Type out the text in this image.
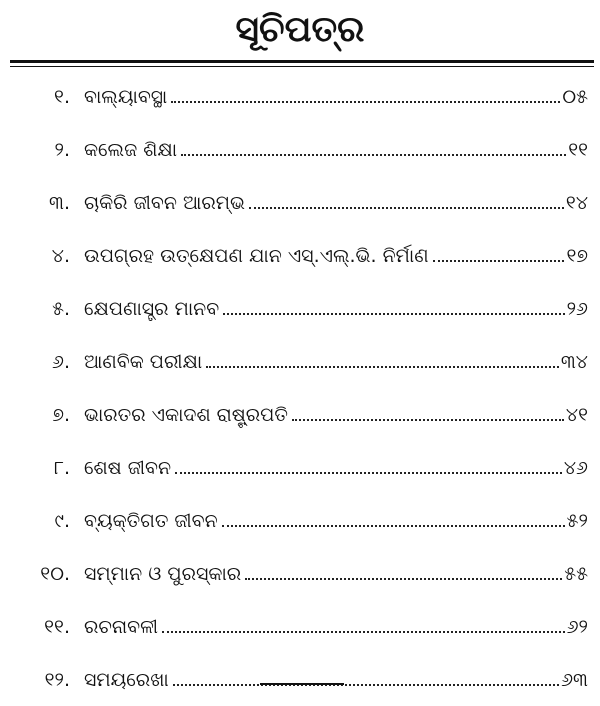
ସୂଚିପତ୍ର
୧. ବାଲ୍ୟାବସ୍ଥା	୦୫
୨. କଲେଜ ଶିକ୍ଷା	୧୧
୩. ଚାକିରି ଜୀବନ ଆରମ୍ଭ	୧୪
୪. ଉପଗ୍ରହ ଉତ୍କ୍ଷେପଣ ଯାନ ଏସ୍.ଏଲ୍.ଭି. ନିର୍ମାଣ	୧୭
୫. କ୍ଷେପଣାସ୍ତ୍ର ମାନବ	୨୬
୬. ଆଣବିକ ପରୀକ୍ଷା	୩୪
୭. ଭାରତର ଏକାଦଶ ରାଷ୍ଟ୍ରପତି	୪୧
୮. ଶେଷ ଜୀବନ	୪୬
୯. ବ୍ୟକ୍ତିଗତ ଜୀବନ	୫୨
୧୦. ସମ୍ମାନ ଓ ପୁରସ୍କାର	୫୫
୧୧. ରଚନାବଳୀ	୬୨
୧୨. ସମୟରେଖା	୬୩
